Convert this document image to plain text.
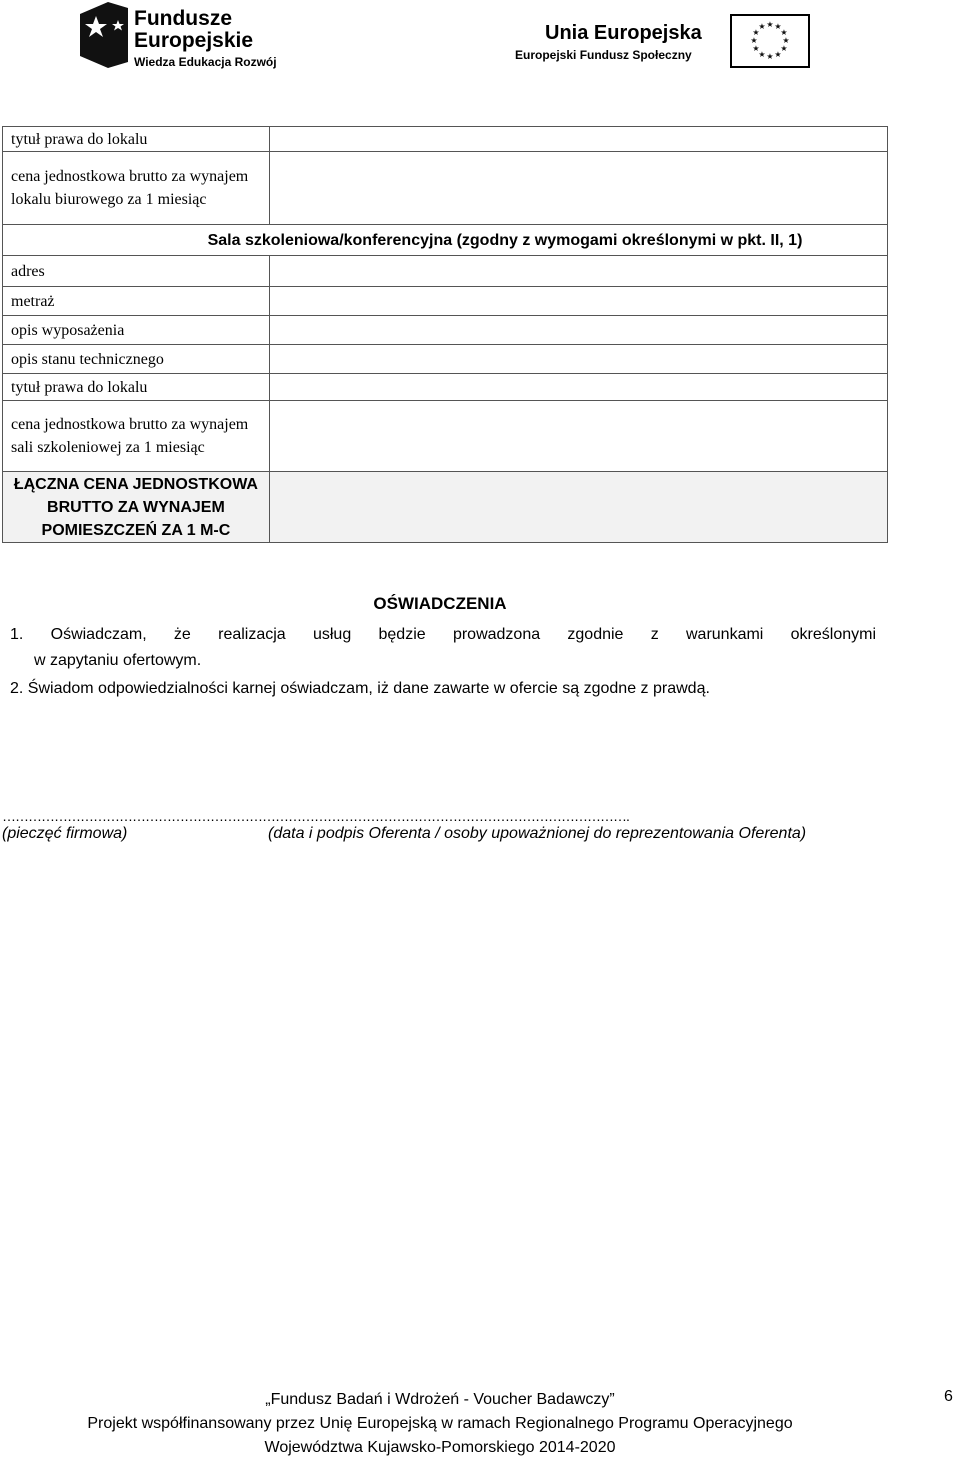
Fundusze
Europejskie
Wiedza Edukacja Rozwój
Unia Europejska
Europejski Fundusz Społeczny
★ ★
★
★
★
★
★
★
★
★
★
★
tytuł prawa do lokalu	
cena jednostkowa brutto za wynajem lokalu biurowego za 1 miesiąc	
Sala szkoleniowa/konferencyjna (zgodny z wymogami określonymi w pkt. II, 1)	
adres	
metraż	
opis wyposażenia	
opis stanu technicznego	
tytuł prawa do lokalu	
cena jednostkowa brutto za wynajem sali szkoleniowej za 1 miesiąc	
ŁĄCZNA CENA JEDNOSTKOWA BRUTTO ZA WYNAJEM POMIESZCZEŃ ZA 1 M-C	
OŚWIADCZENIA
1. Oświadczam, że realizacja usług będzie prowadzona zgodnie z warunkami określonymi
w zapytaniu ofertowym.
2. Świadom odpowiedzialności karnej oświadczam, iż dane zawarte w ofercie są zgodne z prawdą.
……………………………………………………………………………………………………………………………….
(pieczęć firmowa)	(data i podpis Oferenta / osoby upoważnionej do reprezentowania Oferenta)
„Fundusz Badań i Wdrożeń - Voucher Badawczy”
Projekt współfinansowany przez Unię Europejską w ramach Regionalnego Programu Operacyjnego
Województwa Kujawsko-Pomorskiego 2014-2020
6
